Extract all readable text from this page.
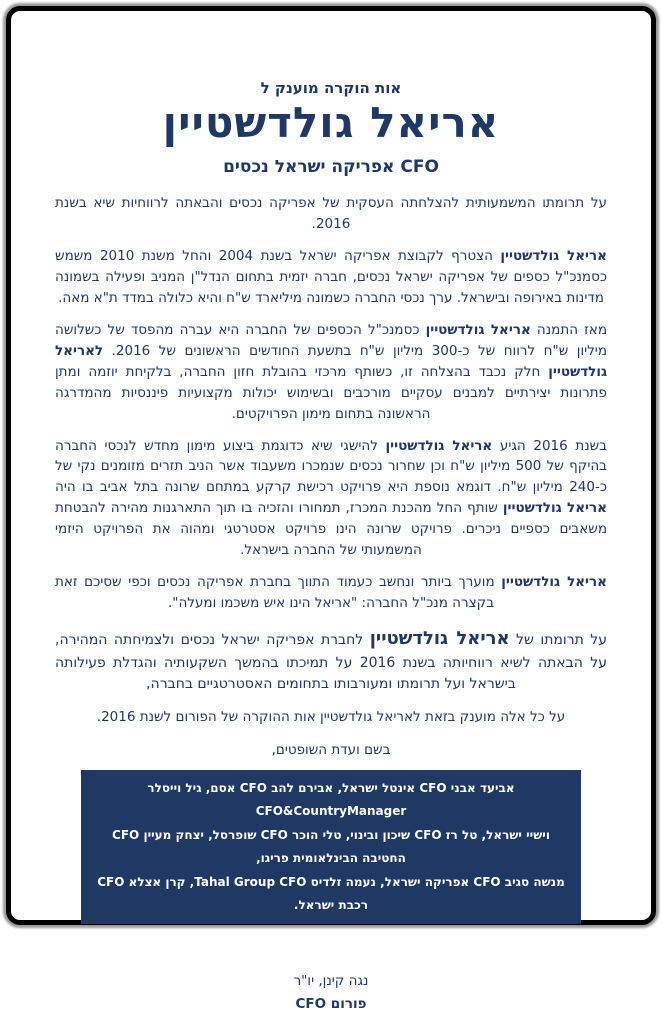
אות הוקרה מוענק ל
אריאל גולדשטיין
CFO אפריקה ישראל נכסים

על תרומתו המשמעותית להצלחתה העסקית של אפריקה נכסים והבאתה לרווחיות שיא בשנת 2016.

אריאל גולדשטיין הצטרף לקבוצת אפריקה ישראל בשנת 2004 והחל משנת 2010 משמש כסמנכ"ל כספים של אפריקה ישראל נכסים, חברה יזמית בתחום הנדל"ן המניב ופעילה בשמונה מדינות באירופה ובישראל. ערך נכסי החברה כשמונה מיליארד ש"ח והיא כלולה במדד ת"א מאה.

מאז התמנה אריאל גולדשטיין כסמנכ"ל הכספים של החברה היא עברה מהפסד של כשלושה מיליון ש"ח לרווח של כ-300 מיליון ש"ח בתשעת החודשים הראשונים של 2016. לאריאל גולדשטיין חלק נכבד בהצלחה זו, כשותף מרכזי בהובלת חזון החברה, בלקיחת יוזמה ומתן פתרונות יצירתיים למבנים עסקיים מורכבים ובשימוש יכולות מקצועיות פיננסיות מהמדרגה הראשונה בתחום מימון הפרויקטים.

בשנת 2016 הגיע אריאל גולדשטיין להישגי שיא כדוגמת ביצוע מימון מחדש לנכסי החברה בהיקף של 500 מיליון ש"ח וכן שחרור נכסים שנמכרו משעבוד אשר הניב תזרים מזומנים נקי של כ-240 מיליון ש"ח. דוגמא נוספת היא פרויקט רכישת קרקע במתחם שרונה בתל אביב בו היה אריאל גולדשטיין שותף החל מהכנת המכרז, תמחורו והזכיה בו תוך התארגנות מהירה להבטחת משאבים כספיים ניכרים. פרויקט שרונה הינו פרויקט אסטרטגי ומהוה את הפרויקט היזמי המשמעותי של החברה בישראל.

אריאל גולדשטיין מוערך ביותר ונחשב כעמוד התווך בחברת אפריקה נכסים וכפי שסיכם זאת בקצרה מנכ"ל החברה: "אריאל הינו איש משכמו ומעלה".

על תרומתו של אריאל גולדשטיין לחברת אפריקה ישראל נכסים ולצמיחתה המהירה, על הבאתה לשיא רווחיותה בשנת 2016 על תמיכתו בהמשך השקעותיה והגדלת פעילותה בישראל ועל תרומתו ומעורבותו בתחומים האסטרטגיים בחברה,

על כל אלה מוענק בזאת לאריאל גולדשטיין אות ההוקרה של הפורום לשנת 2016.

בשם ועדת השופטים,
אביעד אבני CFO אינטל ישראל, אבירם להב CFO אסם, גיל וייסלר CFO&CountryManager
וישיי ישראל, טל רז CFO שיכון ובינוי, טלי הוכר CFO שופרסל, יצחק מעיין CFO החטיבה הבינלאומית פריגו,
מנשה סגיב CFO אפריקה ישראל, נעמה זלדיס Tahal Group CFO, קרן אצלא CFO רכבת ישראל.
נגה קינן, יו"ר
פורום CFO
